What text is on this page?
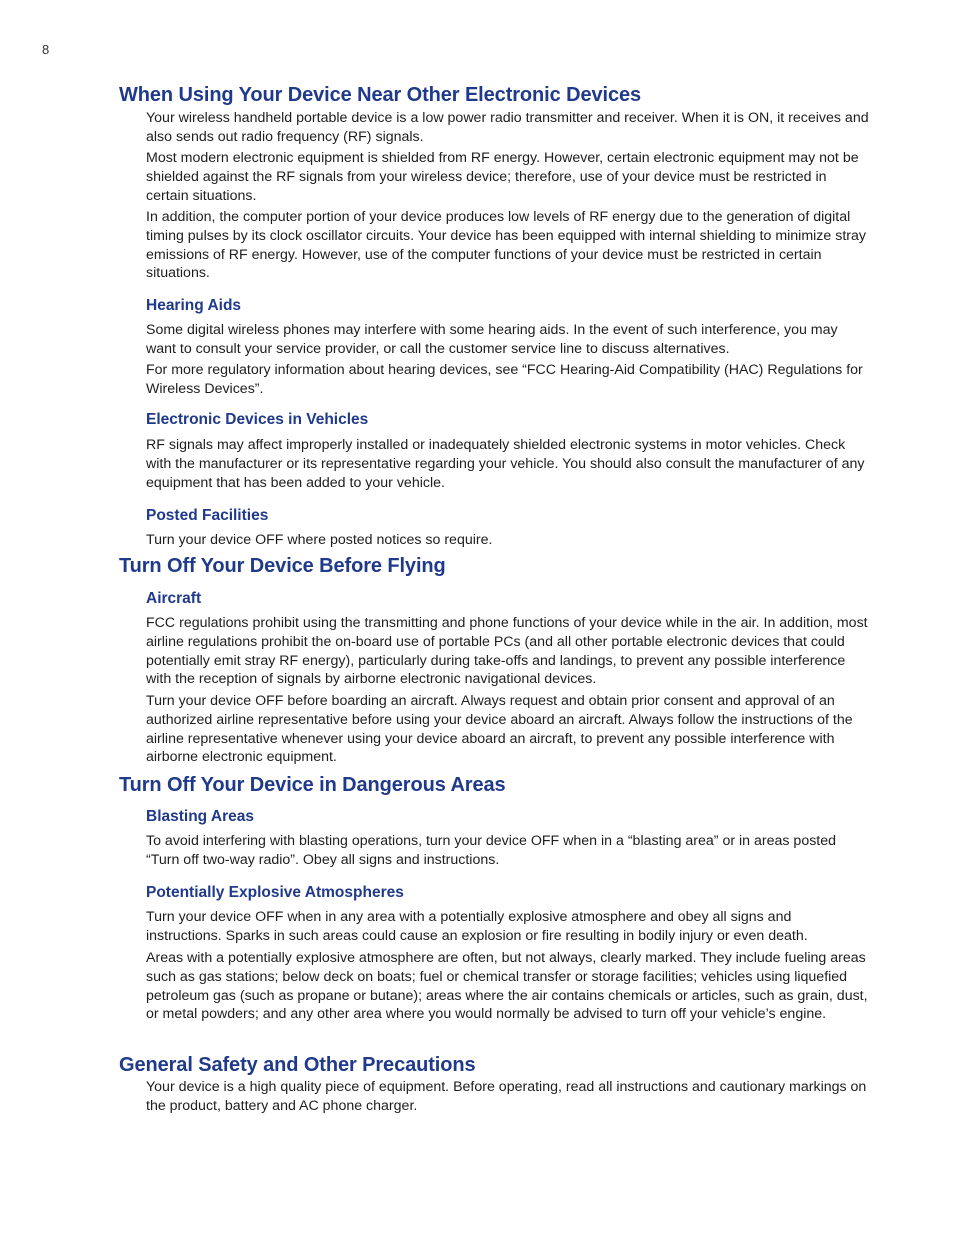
8
When Using Your Device Near Other Electronic Devices
Your wireless handheld portable device is a low power radio transmitter and receiver. When it is ON, it receives and also sends out radio frequency (RF) signals.
Most modern electronic equipment is shielded from RF energy. However, certain electronic equipment may not be shielded against the RF signals from your wireless device; therefore, use of your device must be restricted in certain situations.
In addition, the computer portion of your device produces low levels of RF energy due to the generation of digital timing pulses by its clock oscillator circuits. Your device has been equipped with internal shielding to minimize stray emissions of RF energy. However, use of the computer functions of your device must be restricted in certain situations.
Hearing Aids
Some digital wireless phones may interfere with some hearing aids. In the event of such interference, you may want to consult your service provider, or call the customer service line to discuss alternatives.
For more regulatory information about hearing devices, see “FCC Hearing-Aid Compatibility (HAC) Regulations for Wireless Devices”.
Electronic Devices in Vehicles
RF signals may affect improperly installed or inadequately shielded electronic systems in motor vehicles. Check with the manufacturer or its representative regarding your vehicle. You should also consult the manufacturer of any equipment that has been added to your vehicle.
Posted Facilities
Turn your device OFF where posted notices so require.
Turn Off Your Device Before Flying
Aircraft
FCC regulations prohibit using the transmitting and phone functions of your device while in the air. In addition, most airline regulations prohibit the on-board use of portable PCs (and all other portable electronic devices that could potentially emit stray RF energy), particularly during take-offs and landings, to prevent any possible interference with the reception of signals by airborne electronic navigational devices.
Turn your device OFF before boarding an aircraft. Always request and obtain prior consent and approval of an authorized airline representative before using your device aboard an aircraft. Always follow the instructions of the airline representative whenever using your device aboard an aircraft, to prevent any possible interference with airborne electronic equipment.
Turn Off Your Device in Dangerous Areas
Blasting Areas
To avoid interfering with blasting operations, turn your device OFF when in a “blasting area” or in areas posted “Turn off two-way radio”. Obey all signs and instructions.
Potentially Explosive Atmospheres
Turn your device OFF when in any area with a potentially explosive atmosphere and obey all signs and instructions. Sparks in such areas could cause an explosion or fire resulting in bodily injury or even death.
Areas with a potentially explosive atmosphere are often, but not always, clearly marked. They include fueling areas such as gas stations; below deck on boats; fuel or chemical transfer or storage facilities; vehicles using liquefied petroleum gas (such as propane or butane); areas where the air contains chemicals or articles, such as grain, dust, or metal powders; and any other area where you would normally be advised to turn off your vehicle’s engine.
General Safety and Other Precautions
Your device is a high quality piece of equipment. Before operating, read all instructions and cautionary markings on the product, battery and AC phone charger.
